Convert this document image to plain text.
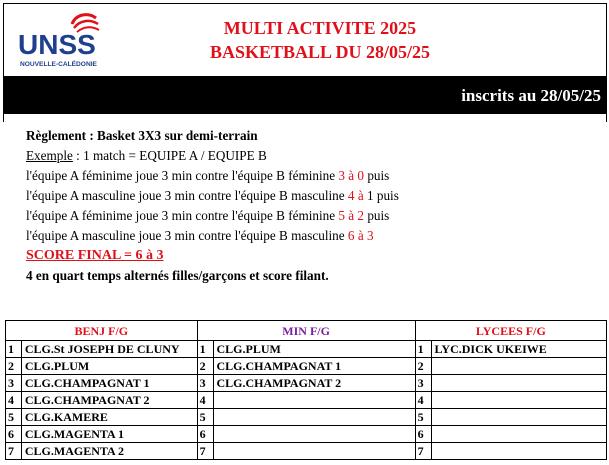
UNSS
NOUVELLE-CALÉDONIE
MULTI ACTIVITE 2025
BASKETBALL DU 28/05/25
inscrits au 28/05/25
Règlement : Basket 3X3 sur demi-terrain
Exemple : 1 match = EQUIPE A / EQUIPE B
l'équipe A féminime joue 3 min contre l'équipe B féminine 3 à 0 puis
l'équipe A masculine joue 3 min contre l'équipe B masculine 4 à 1 puis
l'équipe A féminime joue 3 min contre l'équipe B féminine 5 à 2 puis
l'équipe A masculine joue 3 min contre l'équipe B masculine 6 à 3
SCORE FINAL = 6 à 3
4 en quart temps alternés filles/garçons et score filant.
BENJ F/G		MIN F/G		LYCEES F/G	
1	CLG.St JOSEPH DE CLUNY	1	CLG.PLUM	1	LYC.DICK UKEIWE
2	CLG.PLUM	2	CLG.CHAMPAGNAT 1	2	
3	CLG.CHAMPAGNAT 1	3	CLG.CHAMPAGNAT 2	3	
4	CLG.CHAMPAGNAT 2	4		4	
5	CLG.KAMERE	5		5	
6	CLG.MAGENTA 1	6		6	
7	CLG.MAGENTA 2	7		7	
